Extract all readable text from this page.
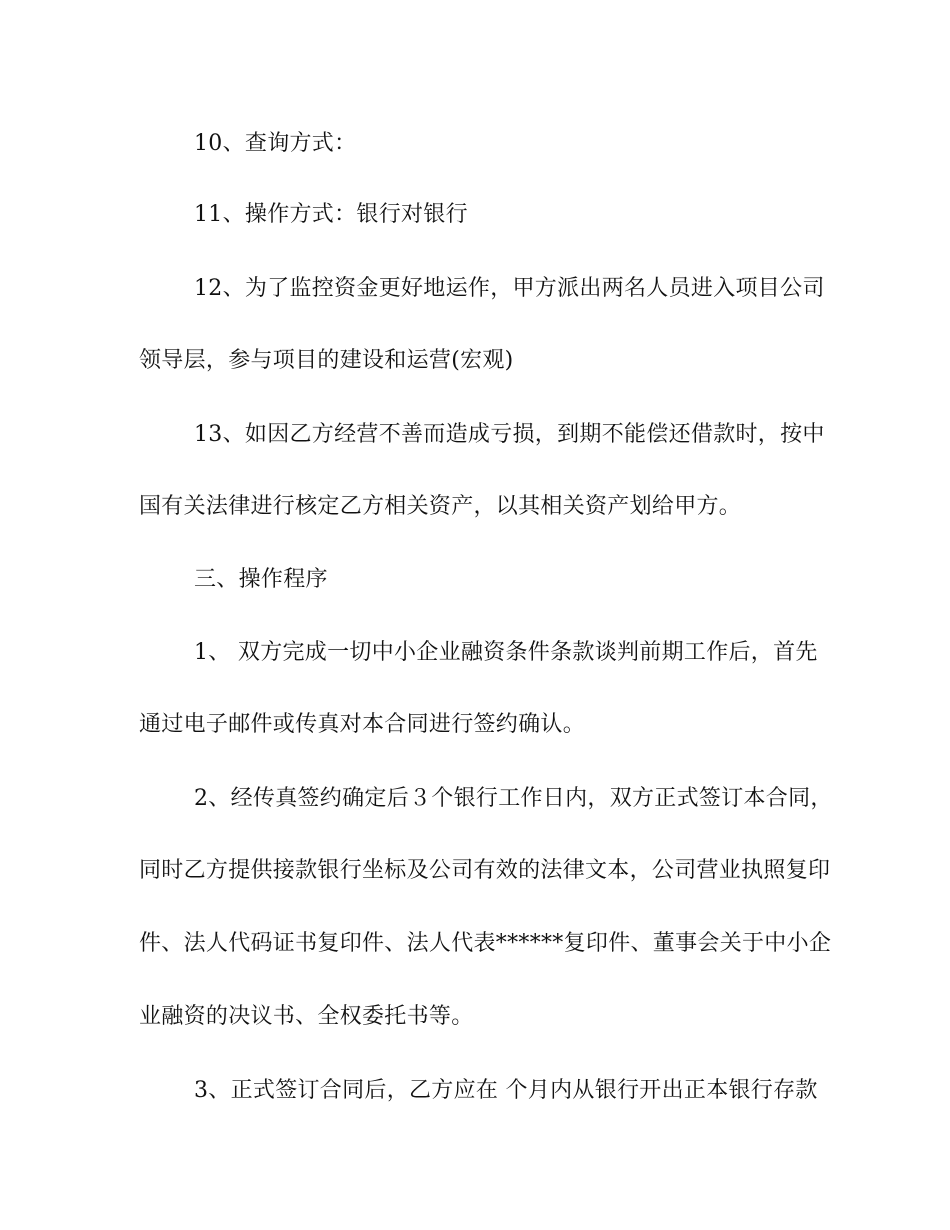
10、查询方式：
11、操作方式：银行对银行
12、为了监控资金更好地运作，甲方派出两名人员进入项目公司
领导层，参与项目的建设和运营(宏观)
13、如因乙方经营不善而造成亏损，到期不能偿还借款时，按中
国有关法律进行核定乙方相关资产，以其相关资产划给甲方。
三、操作程序
1、 双方完成一切中小企业融资条件条款谈判前期工作后，首先
通过电子邮件或传真对本合同进行签约确认。
2、经传真签约确定后３个银行工作日内，双方正式签订本合同，
同时乙方提供接款银行坐标及公司有效的法律文本，公司营业执照复印
件、法人代码证书复印件、法人代表******复印件、董事会关于中小企
业融资的决议书、全权委托书等。
3、正式签订合同后，乙方应在 个月内从银行开出正本银行存款
